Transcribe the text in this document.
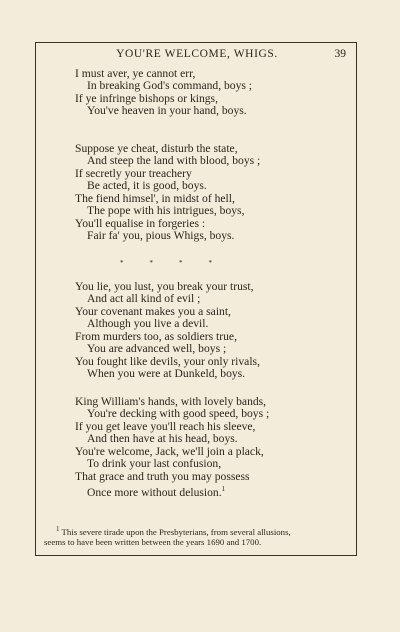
YOU'RE WELCOME, WHIGS.	39
I must aver, ye cannot err,
In breaking God's command, boys ;
If ye infringe bishops or kings,
You've heaven in your hand, boys.
Suppose ye cheat, disturb the state,
And steep the land with blood, boys ;
If secretly your treachery
Be acted, it is good, boys.
The fiend himsel', in midst of hell,
The pope with his intrigues, boys,
You'll equalise in forgeries :
Fair fa' you, pious Whigs, boys.
*	*	*	*
You lie, you lust, you break your trust,
And act all kind of evil ;
Your covenant makes you a saint,
Although you live a devil.
From murders too, as soldiers true,
You are advanced well, boys ;
You fought like devils, your only rivals,
When you were at Dunkeld, boys.
King William's hands, with lovely bands,
You're decking with good speed, boys ;
If you get leave you'll reach his sleeve,
And then have at his head, boys.
You're welcome, Jack, we'll join a plack,
To drink your last confusion,
That grace and truth you may possess
Once more without delusion.$^1$
$^1$ This severe tirade upon the Presbyterians, from several allusions,
seems to have been written between the years 1690 and 1700.
